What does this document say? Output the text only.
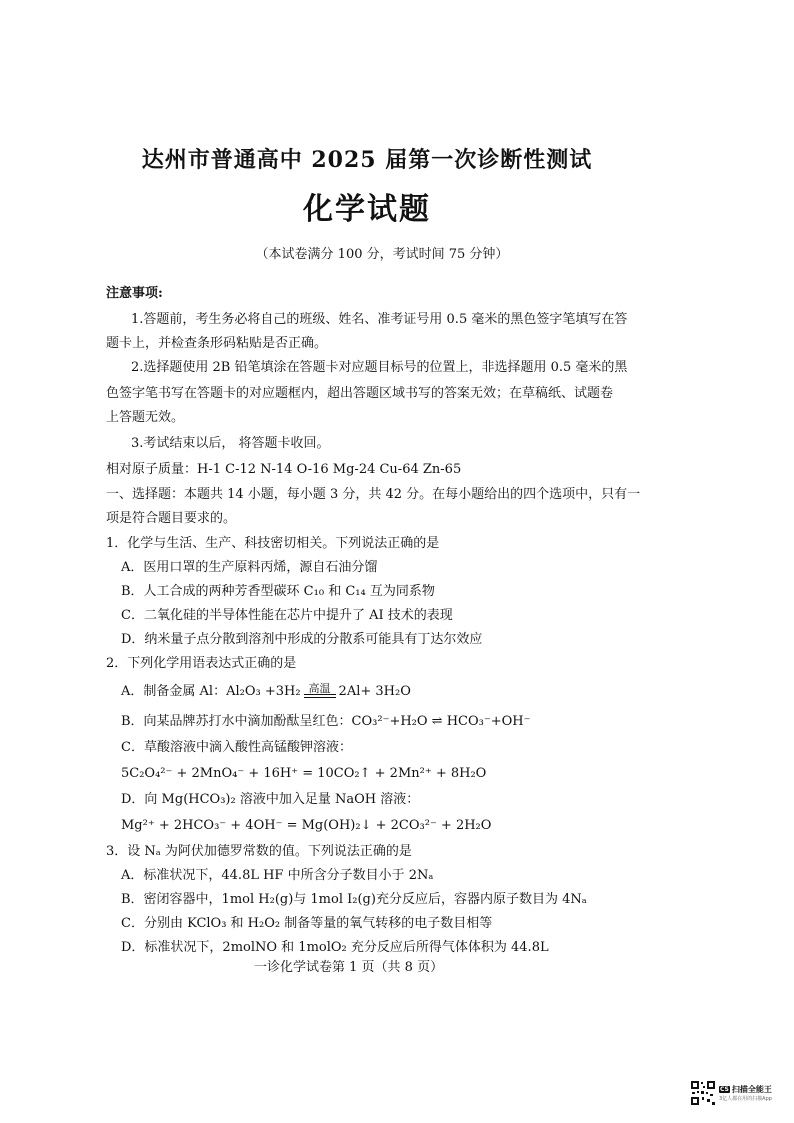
达州市普通高中 2025 届第一次诊断性测试
化学试题
（本试卷满分 100 分，考试时间 75 分钟）
注意事项:
1.答题前，考生务必将自己的班级、姓名、准考证号用 0.5 毫米的黑色签字笔填写在答
题卡上，并检查条形码粘贴是否正确。
2.选择题使用 2B 铅笔填涂在答题卡对应题目标号的位置上，非选择题用 0.5 毫米的黑
色签字笔书写在答题卡的对应题框内，超出答题区域书写的答案无效；在草稿纸、试题卷
上答题无效。
3.考试结束以后， 将答题卡收回。
相对原子质量：H-1 C-12 N-14 O-16 Mg-24 Cu-64 Zn-65
一、选择题：本题共 14 小题，每小题 3 分，共 42 分。在每小题给出的四个选项中，只有一
项是符合题目要求的。
1．化学与生活、生产、科技密切相关。下列说法正确的是
A．医用口罩的生产原料丙烯，源自石油分馏
B．人工合成的两种芳香型碳环 C₁₀ 和 C₁₄ 互为同系物
C．二氧化硅的半导体性能在芯片中提升了 AI 技术的表现
D．纳米量子点分散到溶剂中形成的分散系可能具有丁达尔效应
2．下列化学用语表达式正确的是
A．制备金属 Al：Al₂O₃ +3H₂ 高温 2Al+ 3H₂O
B．向某品牌苏打水中滴加酚酞呈红色：CO₃²⁻+H₂O ⇌ HCO₃⁻+OH⁻
C．草酸溶液中滴入酸性高锰酸钾溶液：
5C₂O₄²⁻ + 2MnO₄⁻ + 16H⁺ = 10CO₂↑ + 2Mn²⁺ + 8H₂O
D．向 Mg(HCO₃)₂ 溶液中加入足量 NaOH 溶液：
Mg²⁺ + 2HCO₃⁻ + 4OH⁻ = Mg(OH)₂↓ + 2CO₃²⁻ + 2H₂O
3．设 Nₐ 为阿伏加德罗常数的值。下列说法正确的是
A．标准状况下，44.8L HF 中所含分子数目小于 2Nₐ
B．密闭容器中，1mol H₂(g)与 1mol I₂(g)充分反应后，容器内原子数目为 4Nₐ
C．分别由 KClO₃ 和 H₂O₂ 制备等量的氧气转移的电子数目相等
D．标准状况下，2molNO 和 1molO₂ 充分反应后所得气体体积为 44.8L
一诊化学试卷第 1 页（共 8 页）
CS 扫描全能王
3亿人都在用的扫描App
